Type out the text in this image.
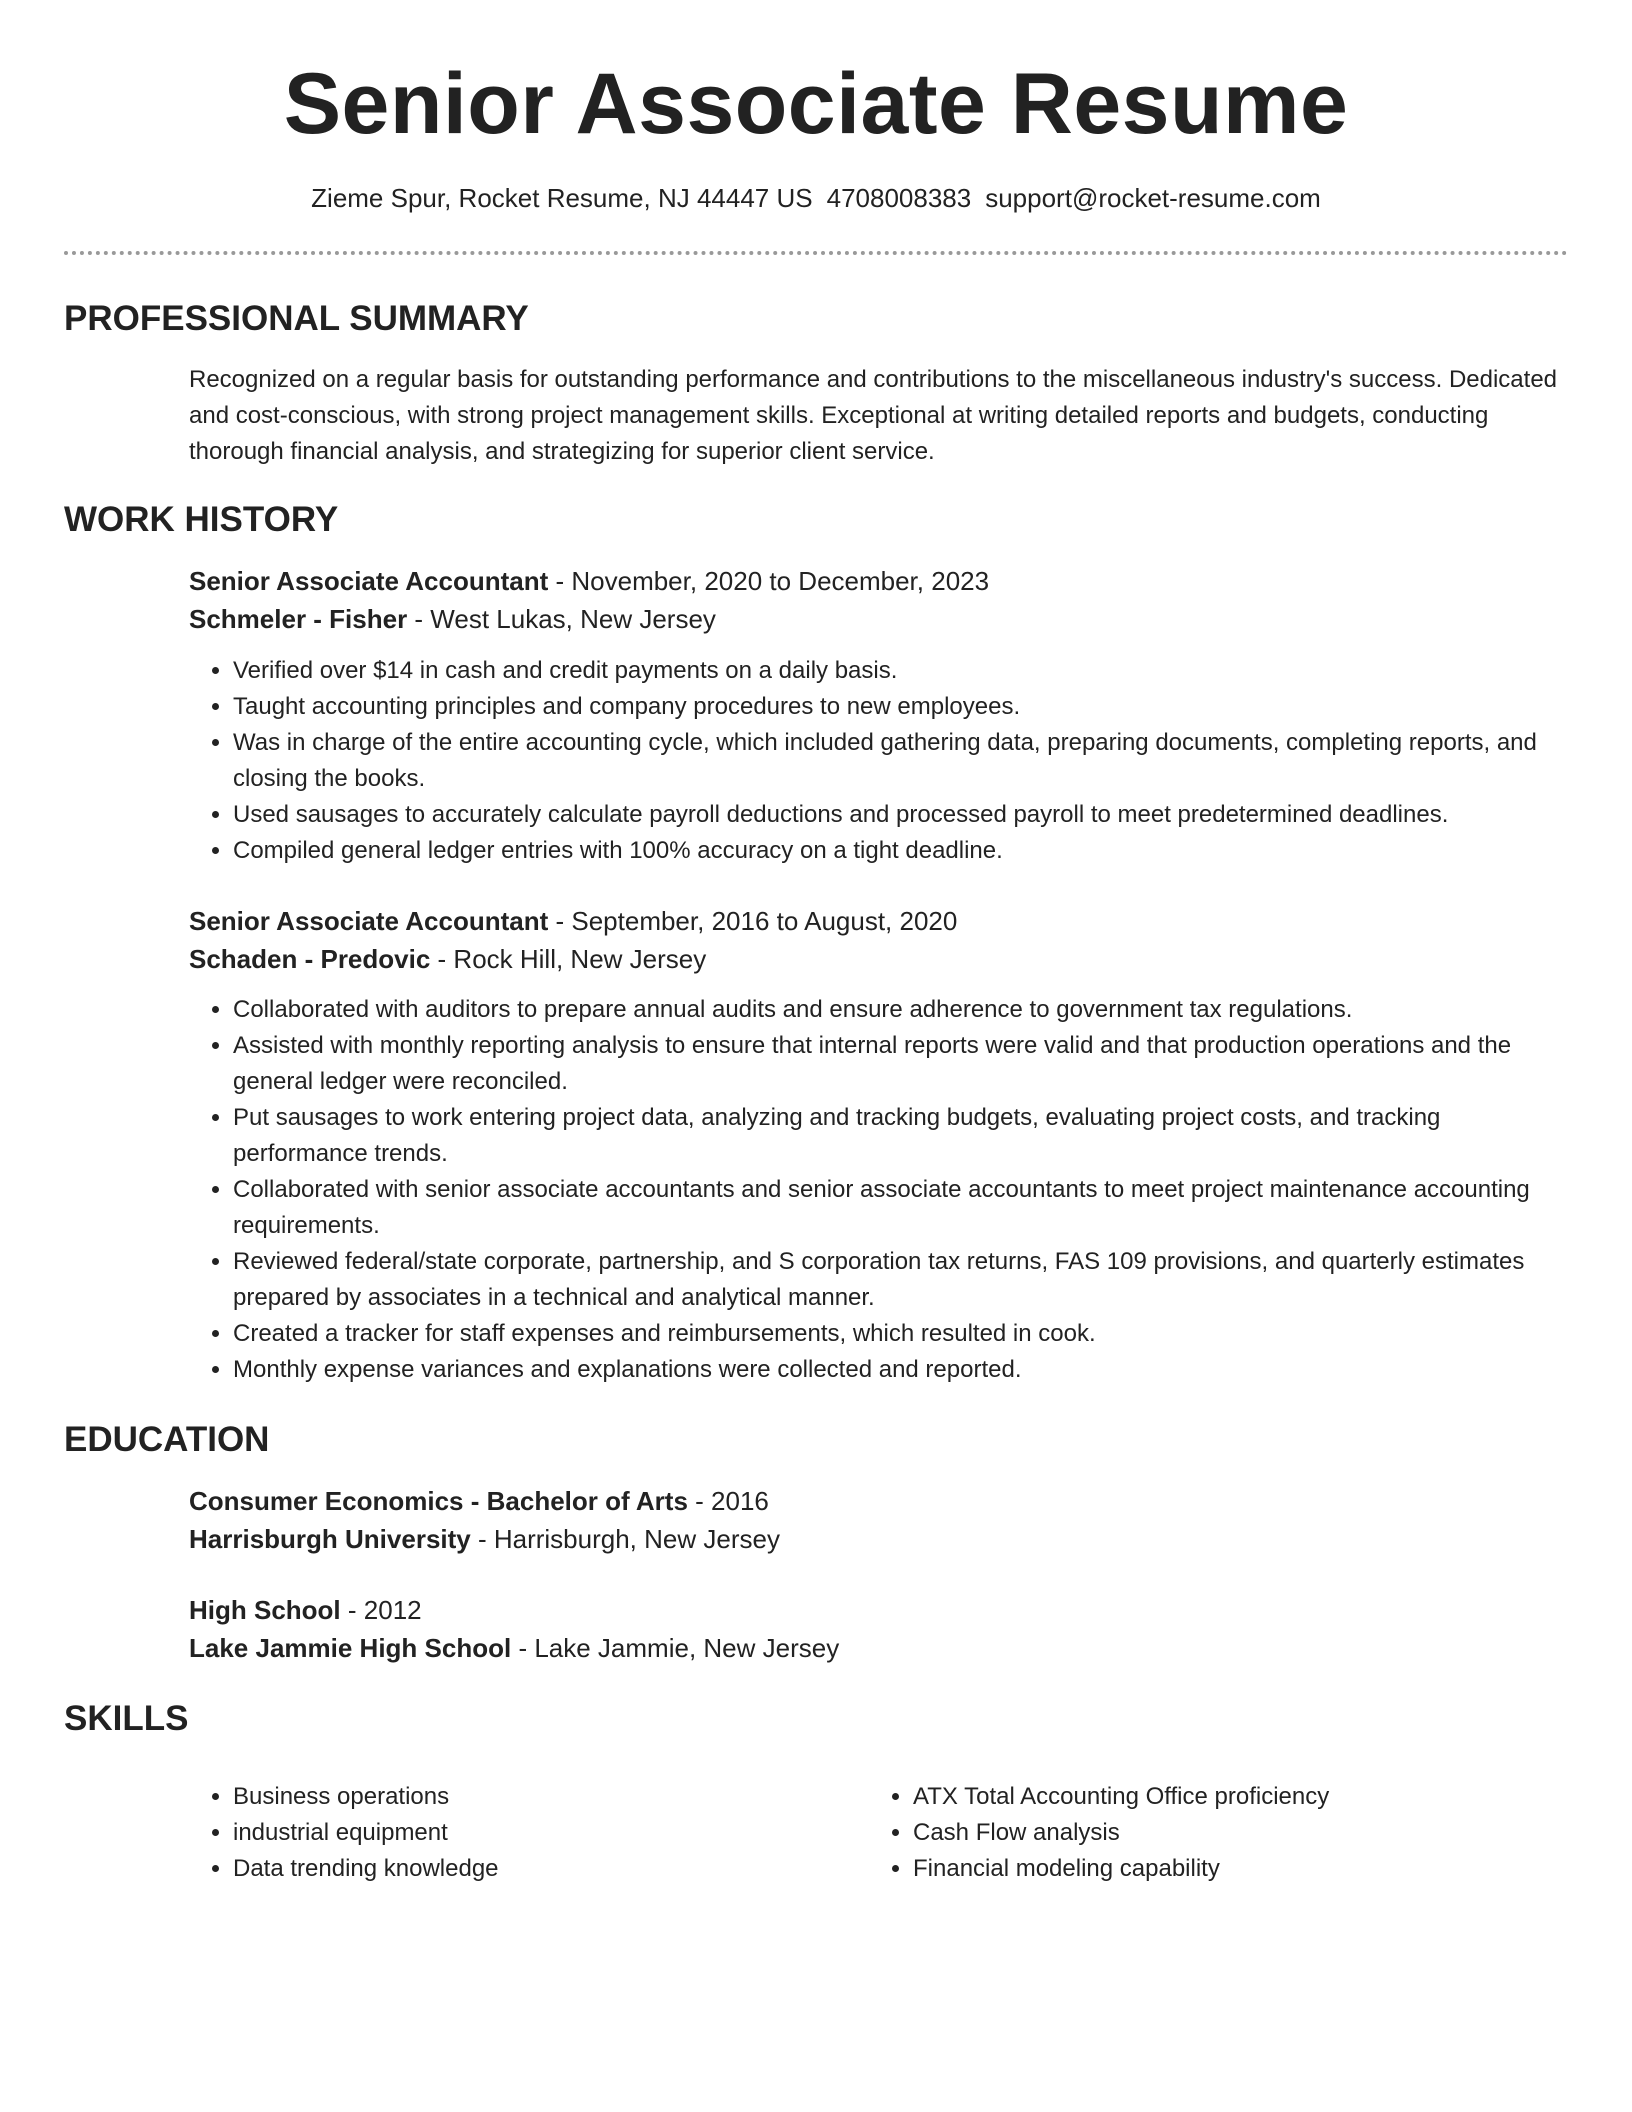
Senior Associate Resume
Zieme Spur, Rocket Resume, NJ 44447 US 4708008383 support@rocket-resume.com
PROFESSIONAL SUMMARY

Recognized on a regular basis for outstanding performance and contributions to the miscellaneous industry's success. Dedicated and cost-conscious, with strong project management skills. Exceptional at writing detailed reports and budgets, conducting thorough financial analysis, and strategizing for superior client service.

WORK HISTORY

Senior Associate Accountant - November, 2020 to December, 2023

Schmeler - Fisher - West Lukas, New Jersey

• Verified over $14 in cash and credit payments on a daily basis.
• Taught accounting principles and company procedures to new employees.
• Was in charge of the entire accounting cycle, which included gathering data, preparing documents, completing reports, and closing the books.
• Used sausages to accurately calculate payroll deductions and processed payroll to meet predetermined deadlines.
• Compiled general ledger entries with 100% accuracy on a tight deadline.

Senior Associate Accountant - September, 2016 to August, 2020

Schaden - Predovic - Rock Hill, New Jersey

• Collaborated with auditors to prepare annual audits and ensure adherence to government tax regulations.
• Assisted with monthly reporting analysis to ensure that internal reports were valid and that production operations and the general ledger were reconciled.
• Put sausages to work entering project data, analyzing and tracking budgets, evaluating project costs, and tracking performance trends.
• Collaborated with senior associate accountants and senior associate accountants to meet project maintenance accounting requirements.
• Reviewed federal/state corporate, partnership, and S corporation tax returns, FAS 109 provisions, and quarterly estimates prepared by associates in a technical and analytical manner.
• Created a tracker for staff expenses and reimbursements, which resulted in cook.
• Monthly expense variances and explanations were collected and reported.
EDUCATION

Consumer Economics - Bachelor of Arts - 2016

Harrisburgh University - Harrisburgh, New Jersey

High School - 2012

Lake Jammie High School - Lake Jammie, New Jersey

SKILLS
• Business operations
• industrial equipment
• Data trending knowledge
• ATX Total Accounting Office proficiency
• Cash Flow analysis
• Financial modeling capability
